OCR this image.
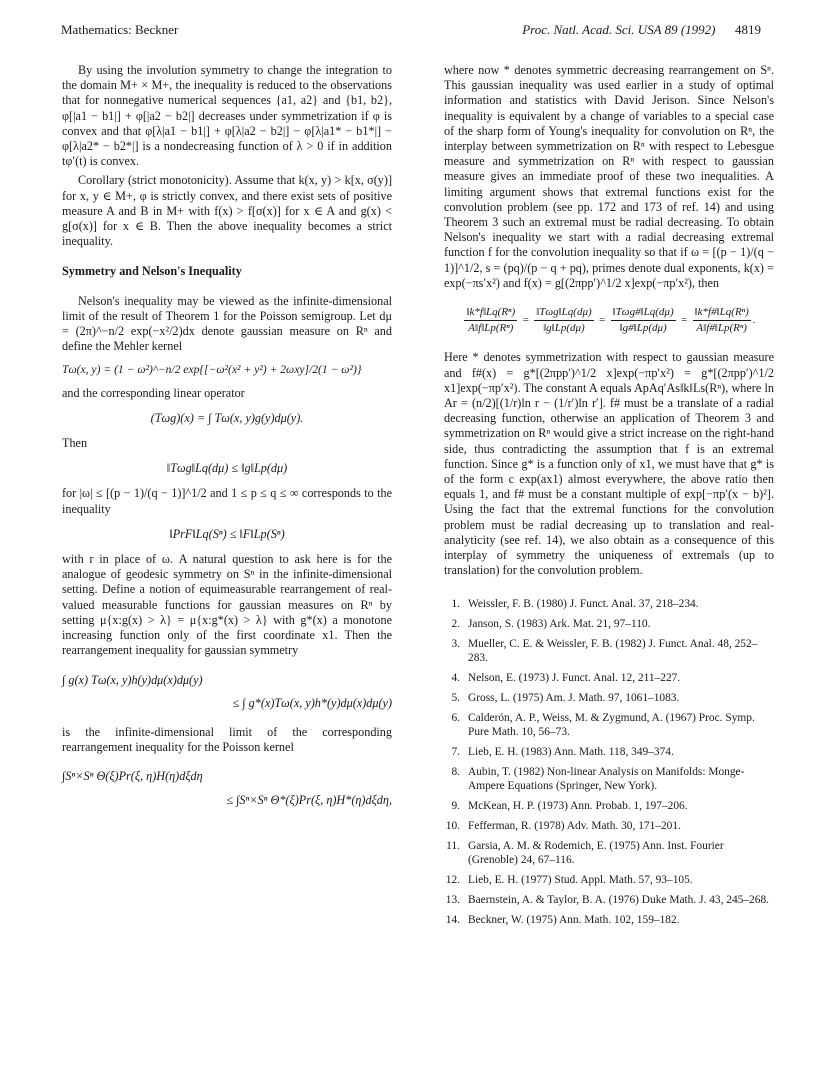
Mathematics: Beckner	Proc. Natl. Acad. Sci. USA 89 (1992) 4819

By using the involution symmetry to change the integration to the domain M+ × M+, the inequality is reduced to the observations that for nonnegative numerical sequences {a1, a2} and {b1, b2}, φ[|a1 − b1|] + φ[|a2 − b2|] decreases under symmetrization if φ is convex and that φ[λ|a1 − b1|] + φ[λ|a2 − b2|] − φ[λ|a1* − b1*|] − φ[λ|a2* − b2*|] is a nondecreasing function of λ > 0 if in addition tφ′(t) is convex.

Corollary (strict monotonicity). Assume that k(x, y) > k[x, σ(y)] for x, y ∈ M+, φ is strictly convex, and there exist sets of positive measure A and B in M+ with f(x) > f[σ(x)] for x ∈ A and g(x) < g[σ(x)] for x ∈ B. Then the above inequality becomes a strict inequality.

Symmetry and Nelson's Inequality

Nelson's inequality may be viewed as the infinite-dimensional limit of the result of Theorem 1 for the Poisson semigroup. Let dμ = (2π)^−n/2 exp(−x²/2)dx denote gaussian measure on Rⁿ and define the Mehler kernel

Tω(x, y) = (1 − ω²)^−n/2 exp{[−ω²(x² + y²) + 2ωxy]/2(1 − ω²)}

and the corresponding linear operator

(Tωg)(x) = ∫ Tω(x, y)g(y)dμ(y).

Then

‖Tωg‖Lq(dμ) ≤ ‖g‖Lp(dμ)

for |ω| ≤ [(p − 1)/(q − 1)]^1/2 and 1 ≤ p ≤ q ≤ ∞ corresponds to the inequality

‖PrF‖Lq(Sⁿ) ≤ ‖F‖Lp(Sⁿ)

with r in place of ω. A natural question to ask here is for the analogue of geodesic symmetry on Sⁿ in the infinite-dimensional setting. Define a notion of equimeasurable rearrangement of real-valued measurable functions for gaussian measures on Rⁿ by setting μ{x:g(x) > λ} = μ{x:g*(x) > λ} with g*(x) a monotone increasing function only of the first coordinate x1. Then the rearrangement inequality for gaussian symmetry

∫ g(x) Tω(x, y)h(y)dμ(x)dμ(y)
≤ ∫ g*(x)Tω(x, y)h*(y)dμ(x)dμ(y)

is the infinite-dimensional limit of the corresponding rearrangement inequality for the Poisson kernel

∫Sⁿ×Sⁿ Θ(ξ)Pr(ξ, η)H(η)dξdη
≤ ∫Sⁿ×Sⁿ Θ*(ξ)Pr(ξ, η)H*(η)dξdη,

where now * denotes symmetric decreasing rearrangement on Sⁿ. This gaussian inequality was used earlier in a study of optimal information and statistics with David Jerison. Since Nelson's inequality is equivalent by a change of variables to a special case of the sharp form of Young's inequality for convolution on Rⁿ, the interplay between symmetrization on Rⁿ with respect to Lebesgue measure and symmetrization on Rⁿ with respect to gaussian measure gives an immediate proof of these two inequalities. A limiting argument shows that extremal functions exist for the convolution problem (see pp. 172 and 173 of ref. 14) and using Theorem 3 such an extremal must be radial decreasing. To obtain Nelson's inequality we start with a radial decreasing extremal function f for the convolution inequality so that if ω = [(p − 1)/(q − 1)]^1/2, s = (pq)/(p − q + pq), primes denote dual exponents, k(x) = exp(−πs′x²) and f(x) = g[(2πpp′)^1/2 x]exp(−πp′x²), then

$\frac{\text{‖k*f‖Lq(Rⁿ)}}{\text{A‖f‖Lp(Rⁿ)}} = \frac{\text{‖Tωg‖Lq(dμ)}}{‖g‖Lp(d\mu)} = \frac{\text{‖Tωg\#‖Lq(dμ)}}{‖g\#‖Lp(d\mu)} = \frac{\text{‖k*f\#‖Lq(Rⁿ)}}{\text{A‖f\#‖Lp(Rⁿ)}}$ .

Here * denotes symmetrization with respect to gaussian measure and f#(x) = g*[(2πpp′)^1/2 x]exp(−πp′x²) = g*[(2πpp′)^1/2 x1]exp(−πp′x²). The constant A equals ApAq′As‖k‖Ls(Rⁿ), where ln Ar = (n/2)[(1/r)ln r − (1/r′)ln r′]. f# must be a translate of a radial decreasing function, otherwise an application of Theorem 3 and symmetrization on Rⁿ would give a strict increase on the right-hand side, thus contradicting the assumption that f is an extremal function. Since g* is a function only of x1, we must have that g* is of the form c exp(ax1) almost everywhere, the above ratio then equals 1, and f# must be a constant multiple of exp[−πp′(x − b)²]. Using the fact that the extremal functions for the convolution problem must be radial decreasing up to translation and real-analyticity (see ref. 14), we also obtain as a consequence of this interplay of symmetry the uniqueness of extremals (up to translation) for the convolution problem.

1. Weissler, F. B. (1980) J. Funct. Anal. 37, 218–234.
2. Janson, S. (1983) Ark. Mat. 21, 97–110.
3. Mueller, C. E. & Weissler, F. B. (1982) J. Funct. Anal. 48, 252–283.
4. Nelson, E. (1973) J. Funct. Anal. 12, 211–227.
5. Gross, L. (1975) Am. J. Math. 97, 1061–1083.
6. Calderón, A. P., Weiss, M. & Zygmund, A. (1967) Proc. Symp. Pure Math. 10, 56–73.
7. Lieb, E. H. (1983) Ann. Math. 118, 349–374.
8. Aubin, T. (1982) Non-linear Analysis on Manifolds: Monge-Ampere Equations (Springer, New York).
9. McKean, H. P. (1973) Ann. Probab. 1, 197–206.
10. Fefferman, R. (1978) Adv. Math. 30, 171–201.
11. Garsia, A. M. & Rodemich, E. (1975) Ann. Inst. Fourier (Grenoble) 24, 67–116.
12. Lieb, E. H. (1977) Stud. Appl. Math. 57, 93–105.
13. Baernstein, A. & Taylor, B. A. (1976) Duke Math. J. 43, 245–268.
14. Beckner, W. (1975) Ann. Math. 102, 159–182.
